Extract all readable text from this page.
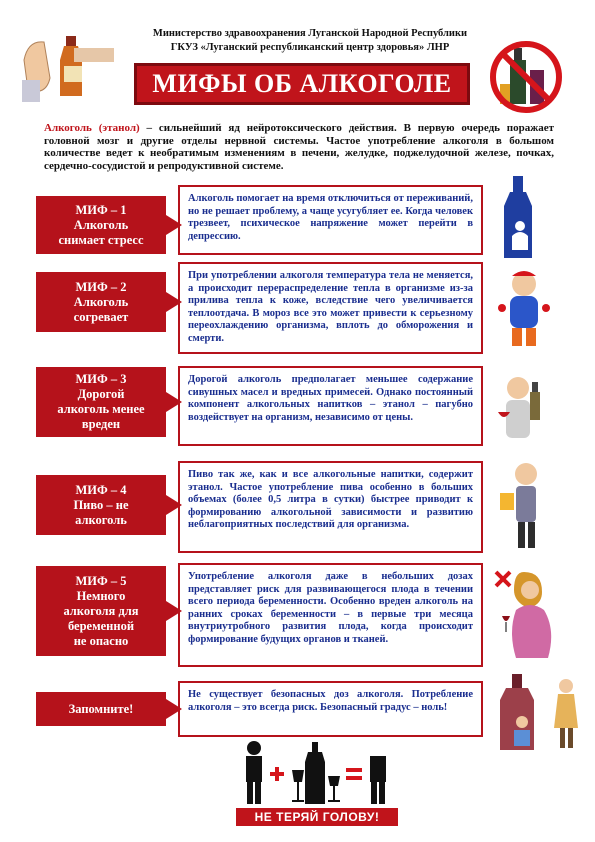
Министерство здравоохранения Луганской Народной Республики
ГКУЗ «Луганский республиканский центр здоровья» ЛНР
МИФЫ ОБ АЛКОГОЛЕ
Алкоголь (этанол) – сильнейший яд нейротоксического действия. В первую очередь поражает головной мозг и другие отделы нервной системы. Частое употребление алкоголя в большом количестве ведет к необратимым изменениям в печени, желудке, поджелудочной железе, почках, сердечно-сосудистой и репродуктивной системе.
МИФ – 1
Алкоголь
снимает стресс
Алкоголь помогает на время отключиться от переживаний, но не решает проблему, а чаще усугубляет ее. Когда человек трезвеет, психическое напряжение может перейти в депрессию.
МИФ – 2
Алкоголь
согревает
При употреблении алкоголя температура тела не меняется, а происходит перераспределение тепла в организме из-за прилива тепла к коже, вследствие чего увеличивается теплоотдача. В мороз все это может привести к серьезному переохлаждению организма, вплоть до обморожения и смерти.
МИФ – 3
Дорогой
алкоголь менее
вреден
Дорогой алкоголь предполагает меньшее содержание сивушных масел и вредных примесей. Однако постоянный компонент алкогольных напитков – этанол – пагубно воздействует на организм, независимо от цены.
МИФ – 4
Пиво – не
алкоголь
Пиво так же, как и все алкогольные напитки, содержит этанол. Частое употребление пива особенно в больших объемах (более 0,5 литра в сутки) быстрее приводит к формированию алкогольной зависимости и развитию неблагоприятных последствий для организма.
МИФ – 5
Немного
алкоголя для
беременной
не опасно
Употребление алкоголя даже в небольших дозах представляет риск для развивающегося плода в течении всего периода беременности. Особенно вреден алкоголь на ранних сроках беременности – в первые три месяца внутриутробного развития плода, когда происходит формирование будущих органов и тканей.
Запомните!
Не существует безопасных доз алкоголя. Потребление алкоголя – это всегда риск. Безопасный градус – ноль!
НЕ ТЕРЯЙ ГОЛОВУ!
